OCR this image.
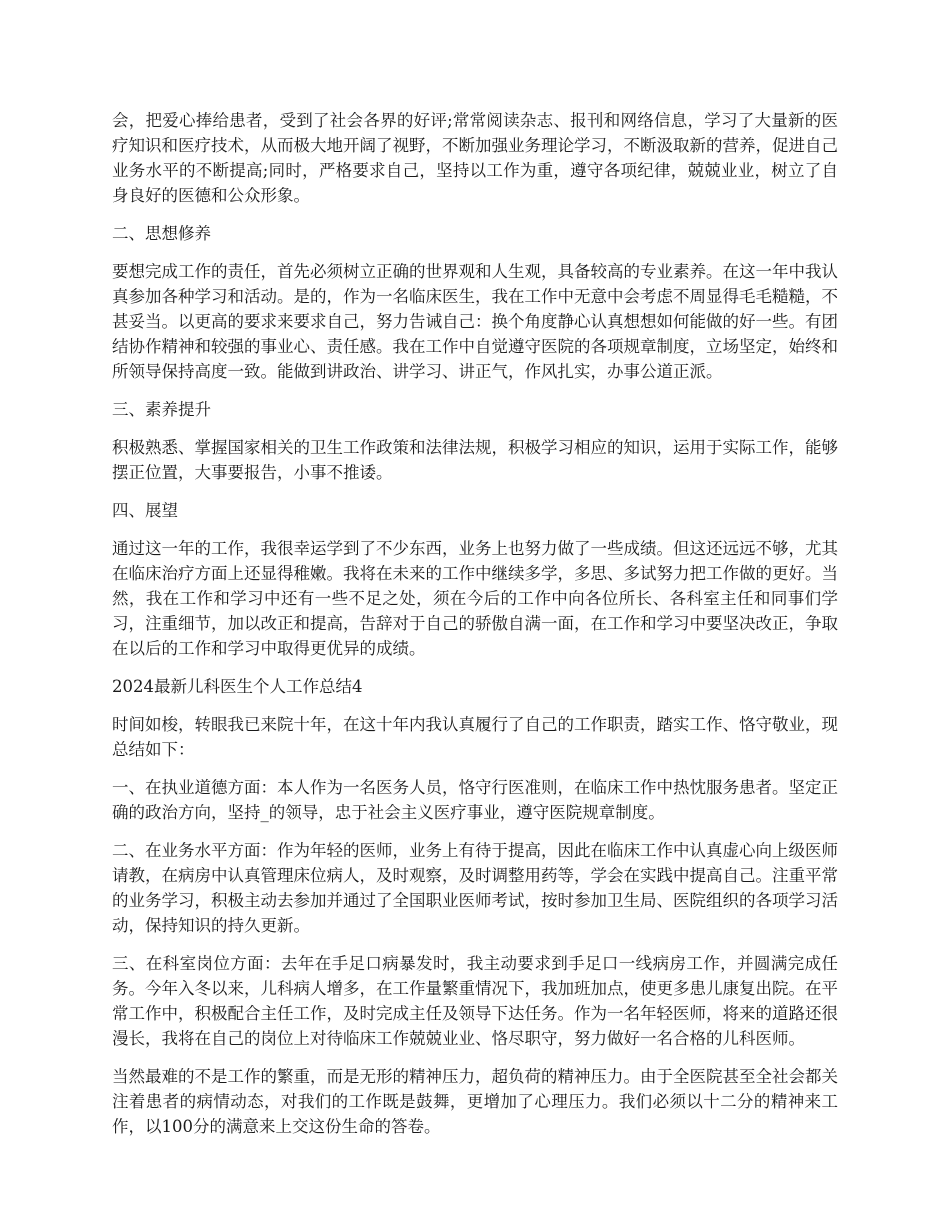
会，把爱心捧给患者，受到了社会各界的好评;常常阅读杂志、报刊和网络信息，学习了大量新的医疗知识和医疗技术，从而极大地开阔了视野，不断加强业务理论学习，不断汲取新的营养，促进自己业务水平的不断提高;同时，严格要求自己，坚持以工作为重，遵守各项纪律，兢兢业业，树立了自身良好的医德和公众形象。

二、思想修养

要想完成工作的责任，首先必须树立正确的世界观和人生观，具备较高的专业素养。在这一年中我认真参加各种学习和活动。是的，作为一名临床医生，我在工作中无意中会考虑不周显得毛毛糙糙，不甚妥当。以更高的要求来要求自己，努力告诫自己：换个角度静心认真想想如何能做的好一些。有团结协作精神和较强的事业心、责任感。我在工作中自觉遵守医院的各项规章制度，立场坚定，始终和所领导保持高度一致。能做到讲政治、讲学习、讲正气，作风扎实，办事公道正派。

三、素养提升

积极熟悉、掌握国家相关的卫生工作政策和法律法规，积极学习相应的知识，运用于实际工作，能够摆正位置，大事要报告，小事不推诿。

四、展望

通过这一年的工作，我很幸运学到了不少东西，业务上也努力做了一些成绩。但这还远远不够，尤其在临床治疗方面上还显得稚嫩。我将在未来的工作中继续多学，多思、多试努力把工作做的更好。当然，我在工作和学习中还有一些不足之处，须在今后的工作中向各位所长、各科室主任和同事们学习，注重细节，加以改正和提高，告辞对于自己的骄傲自满一面，在工作和学习中要坚决改正，争取在以后的工作和学习中取得更优异的成绩。

2024最新儿科医生个人工作总结4

时间如梭，转眼我已来院十年，在这十年内我认真履行了自己的工作职责，踏实工作、恪守敬业，现总结如下：

一、在执业道德方面：本人作为一名医务人员，恪守行医准则，在临床工作中热忱服务患者。坚定正确的政治方向，坚持_的领导，忠于社会主义医疗事业，遵守医院规章制度。

二、在业务水平方面：作为年轻的医师，业务上有待于提高，因此在临床工作中认真虚心向上级医师请教，在病房中认真管理床位病人，及时观察，及时调整用药等，学会在实践中提高自己。注重平常的业务学习，积极主动去参加并通过了全国职业医师考试，按时参加卫生局、医院组织的各项学习活动，保持知识的持久更新。

三、在科室岗位方面：去年在手足口病暴发时，我主动要求到手足口一线病房工作，并圆满完成任务。今年入冬以来，儿科病人增多，在工作量繁重情况下，我加班加点，使更多患儿康复出院。在平常工作中，积极配合主任工作，及时完成主任及领导下达任务。作为一名年轻医师，将来的道路还很漫长，我将在自己的岗位上对待临床工作兢兢业业、恪尽职守，努力做好一名合格的儿科医师。

当然最难的不是工作的繁重，而是无形的精神压力，超负荷的精神压力。由于全医院甚至全社会都关注着患者的病情动态，对我们的工作既是鼓舞，更增加了心理压力。我们必须以十二分的精神来工作，以100分的满意来上交这份生命的答卷。
